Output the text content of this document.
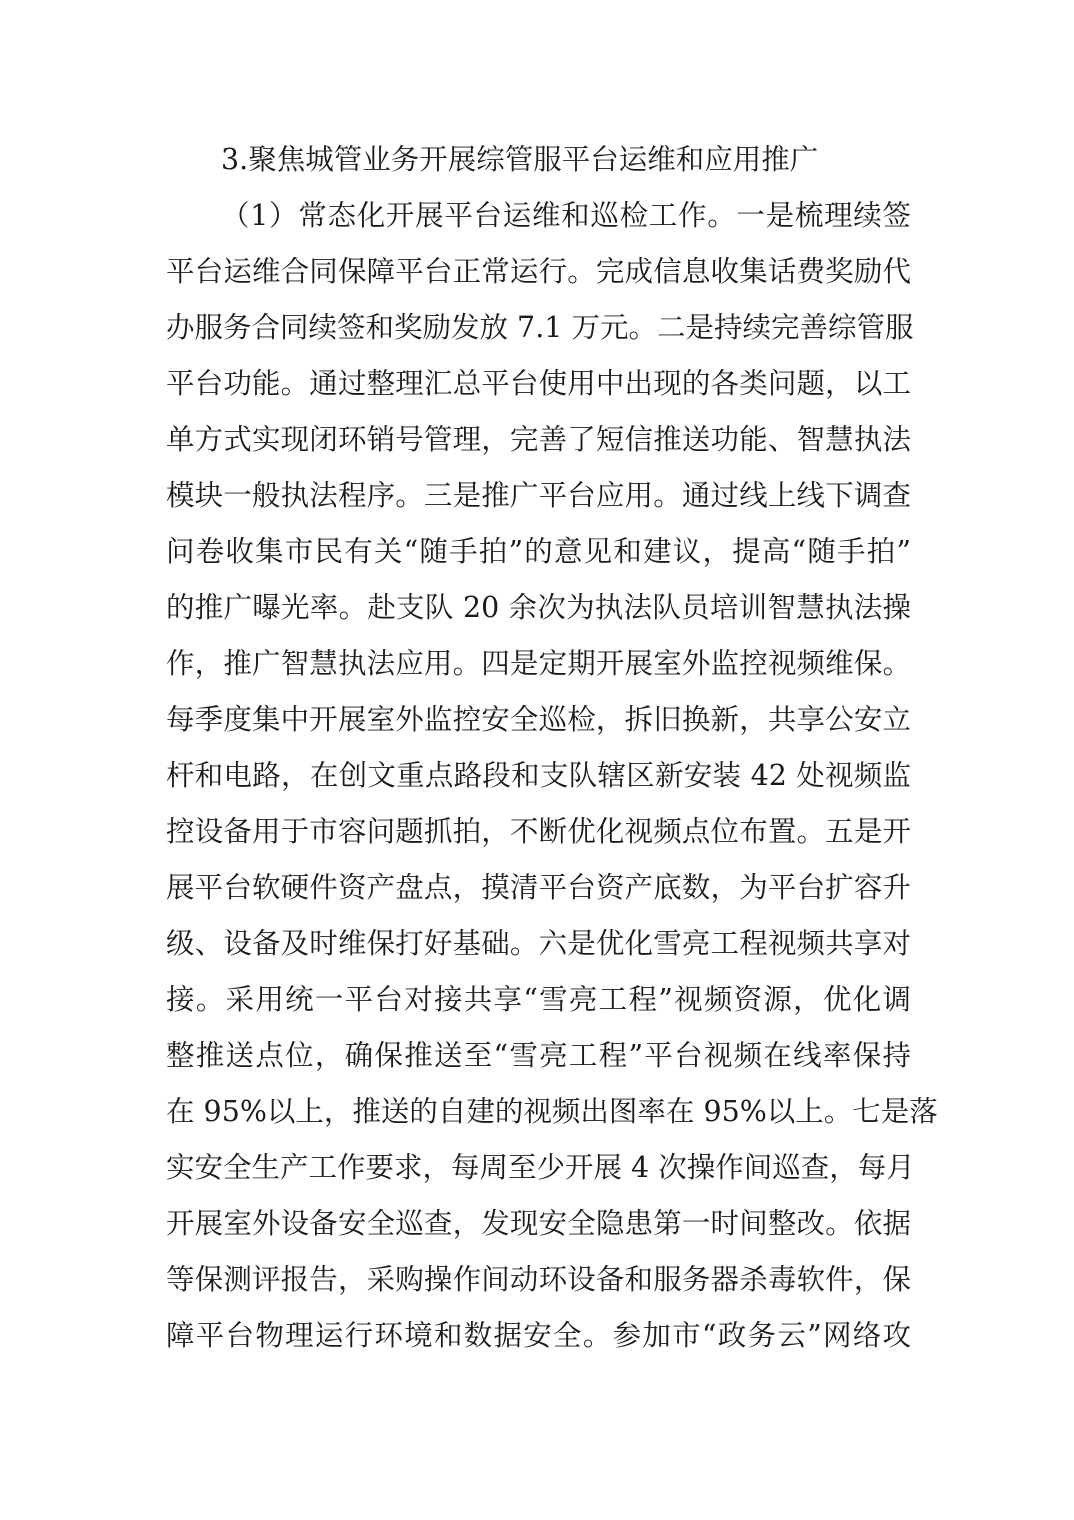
3.聚焦城管业务开展综管服平台运维和应用推广
（1）常态化开展平台运维和巡检工作。一是梳理续签
平台运维合同保障平台正常运行。完成信息收集话费奖励代
办服务合同续签和奖励发放 7.1 万元。二是持续完善综管服
平台功能。通过整理汇总平台使用中出现的各类问题，以工
单方式实现闭环销号管理，完善了短信推送功能、智慧执法
模块一般执法程序。三是推广平台应用。通过线上线下调查
问卷收集市民有关“随手拍”的意见和建议，提高“随手拍”
的推广曝光率。赴支队 20 余次为执法队员培训智慧执法操
作，推广智慧执法应用。四是定期开展室外监控视频维保。
每季度集中开展室外监控安全巡检，拆旧换新，共享公安立
杆和电路，在创文重点路段和支队辖区新安装 42 处视频监
控设备用于市容问题抓拍，不断优化视频点位布置。五是开
展平台软硬件资产盘点，摸清平台资产底数，为平台扩容升
级、设备及时维保打好基础。六是优化雪亮工程视频共享对
接。采用统一平台对接共享“雪亮工程”视频资源，优化调
整推送点位，确保推送至“雪亮工程”平台视频在线率保持
在 95%以上，推送的自建的视频出图率在 95%以上。七是落
实安全生产工作要求，每周至少开展 4 次操作间巡查，每月
开展室外设备安全巡查，发现安全隐患第一时间整改。依据
等保测评报告，采购操作间动环设备和服务器杀毒软件，保
障平台物理运行环境和数据安全。参加市“政务云”网络攻
